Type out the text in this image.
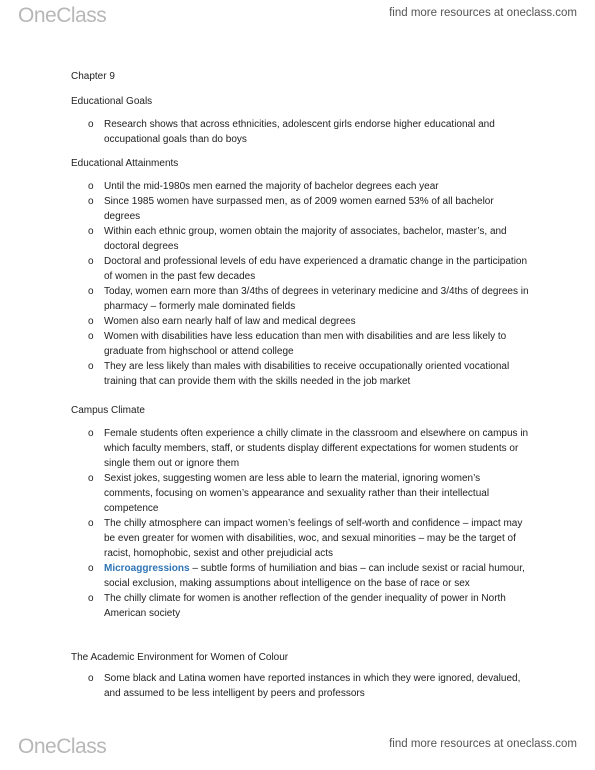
OneClass	find more resources at oneclass.com
Chapter 9
Educational Goals
o Research shows that across ethnicities, adolescent girls endorse higher educational and occupational goals than do boys
Educational Attainments
o Until the mid-1980s men earned the majority of bachelor degrees each year
o Since 1985 women have surpassed men, as of 2009 women earned 53% of all bachelor degrees
o Within each ethnic group, women obtain the majority of associates, bachelor, master’s, and doctoral degrees
o Doctoral and professional levels of edu have experienced a dramatic change in the participation of women in the past few decades
o Today, women earn more than 3/4ths of degrees in veterinary medicine and 3/4ths of degrees in pharmacy – formerly male dominated fields
o Women also earn nearly half of law and medical degrees
o Women with disabilities have less education than men with disabilities and are less likely to graduate from highschool or attend college
o They are less likely than males with disabilities to receive occupationally oriented vocational training that can provide them with the skills needed in the job market
Campus Climate
o Female students often experience a chilly climate in the classroom and elsewhere on campus in which faculty members, staff, or students display different expectations for women students or single them out or ignore them
o Sexist jokes, suggesting women are less able to learn the material, ignoring women’s comments, focusing on women’s appearance and sexuality rather than their intellectual competence
o The chilly atmosphere can impact women’s feelings of self-worth and confidence – impact may be even greater for women with disabilities, woc, and sexual minorities – may be the target of racist, homophobic, sexist and other prejudicial acts
o Microaggressions – subtle forms of humiliation and bias – can include sexist or racial humour, social exclusion, making assumptions about intelligence on the base of race or sex
o The chilly climate for women is another reflection of the gender inequality of power in North American society
The Academic Environment for Women of Colour
o Some black and Latina women have reported instances in which they were ignored, devalued, and assumed to be less intelligent by peers and professors
OneClass	find more resources at oneclass.com
